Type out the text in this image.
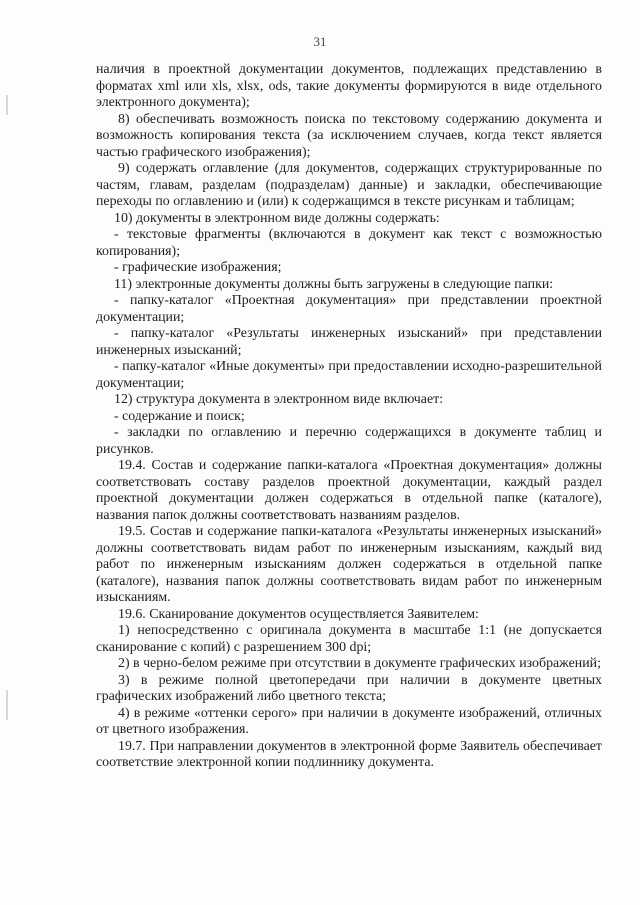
31

наличия в проектной документации документов, подлежащих представлению в форматах xml или xls, xlsx, ods, такие документы формируются в виде отдельного электронного документа);

8) обеспечивать возможность поиска по текстовому содержанию документа и возможность копирования текста (за исключением случаев, когда текст является частью графического изображения);

9) содержать оглавление (для документов, содержащих структурированные по частям, главам, разделам (подразделам) данные) и закладки, обеспечивающие переходы по оглавлению и (или) к содержащимся в тексте рисункам и таблицам;

10) документы в электронном виде должны содержать:

- текстовые фрагменты (включаются в документ как текст с возможностью копирования);

- графические изображения;

11) электронные документы должны быть загружены в следующие папки:

- папку-каталог «Проектная документация» при представлении проектной документации;

- папку-каталог «Результаты инженерных изысканий» при представлении инженерных изысканий;

- папку-каталог «Иные документы» при предоставлении исходно-разрешительной документации;

12) структура документа в электронном виде включает:

- содержание и поиск;

- закладки по оглавлению и перечню содержащихся в документе таблиц и рисунков.

19.4. Состав и содержание папки-каталога «Проектная документация» должны соответствовать составу разделов проектной документации, каждый раздел проектной документации должен содержаться в отдельной папке (каталоге), названия папок должны соответствовать названиям разделов.

19.5. Состав и содержание папки-каталога «Результаты инженерных изысканий» должны соответствовать видам работ по инженерным изысканиям, каждый вид работ по инженерным изысканиям должен содержаться в отдельной папке (каталоге), названия папок должны соответствовать видам работ по инженерным изысканиям.

19.6. Сканирование документов осуществляется Заявителем:

1) непосредственно с оригинала документа в масштабе 1:1 (не допускается сканирование с копий) с разрешением 300 dpi;

2) в черно-белом режиме при отсутствии в документе графических изображений;

3) в режиме полной цветопередачи при наличии в документе цветных графических изображений либо цветного текста;

4) в режиме «оттенки серого» при наличии в документе изображений, отличных от цветного изображения.

19.7. При направлении документов в электронной форме Заявитель обеспечивает соответствие электронной копии подлиннику документа.
